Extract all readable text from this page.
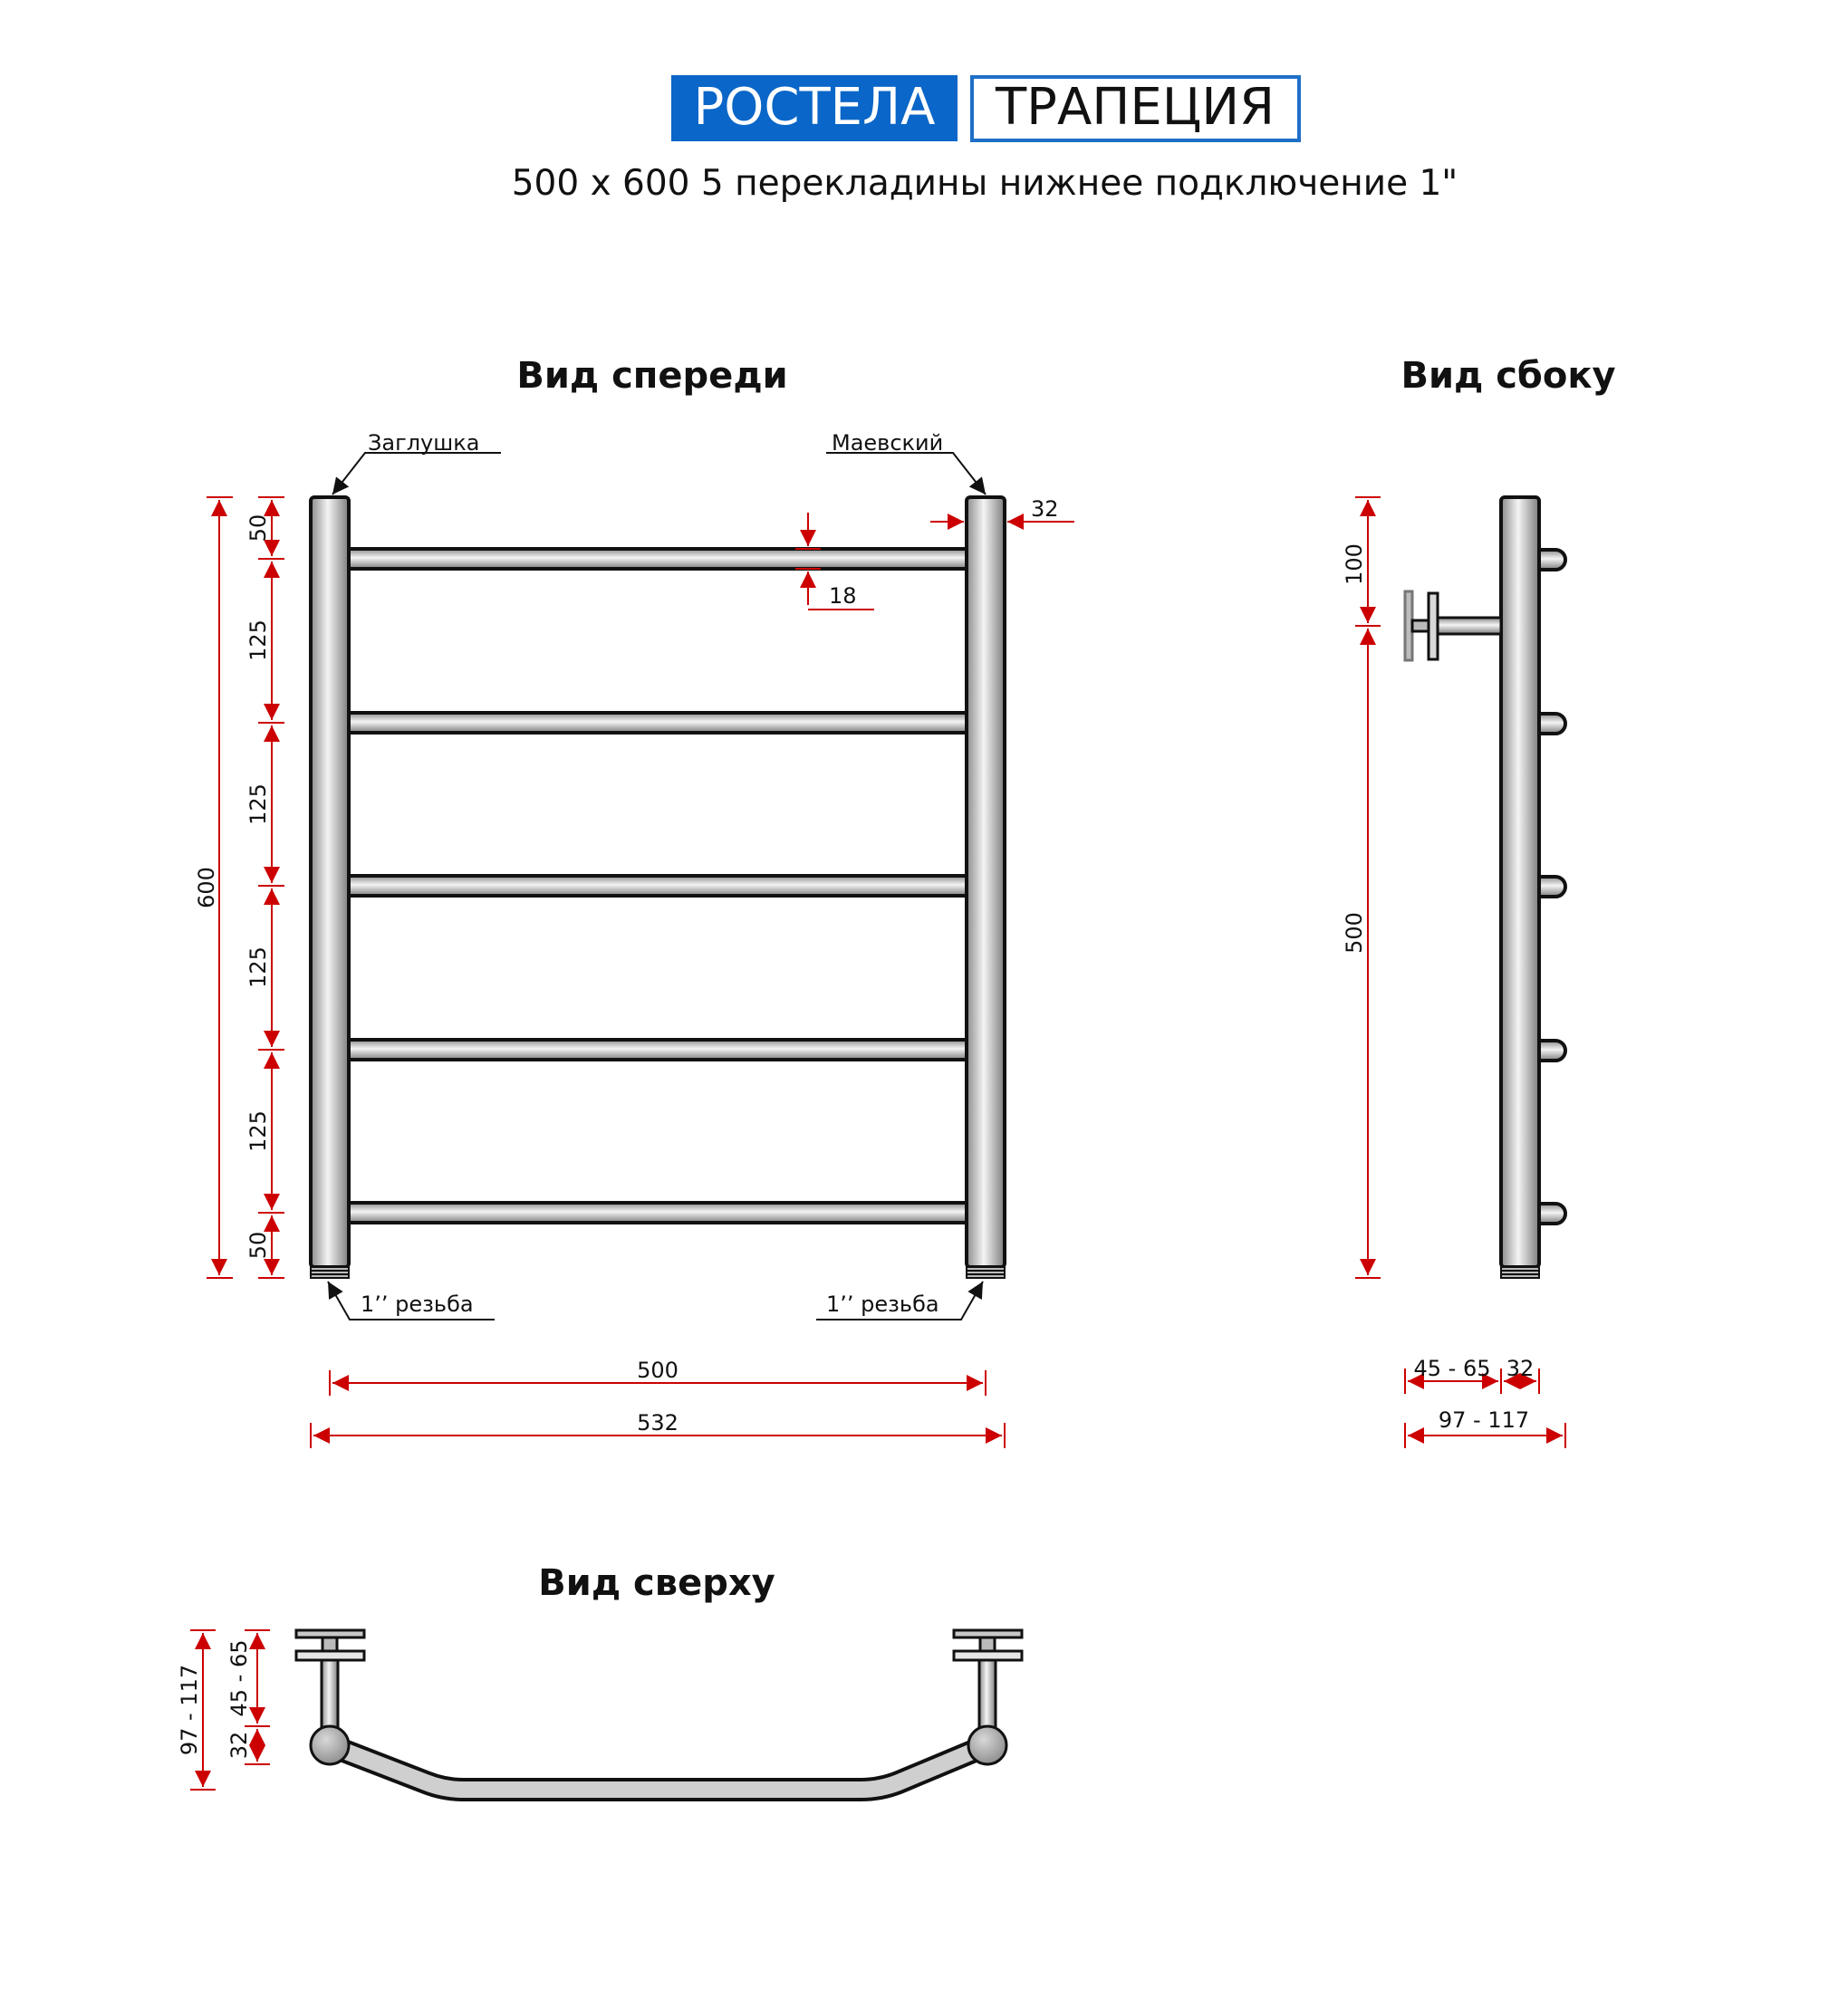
РОСТЕЛА ТРАПЕЦИЯ
500 x 600 5 перекладины нижнее подключение 1"
Вид спереди
Заглушка	Маевский
1’’ резьба	1’’ резьба
600
50
125
125
125
125
50
32
18
500
532
Вид сбоку
100
500
45 - 65 32
97 - 117
Вид сверху
97 - 117 45 - 65
32
